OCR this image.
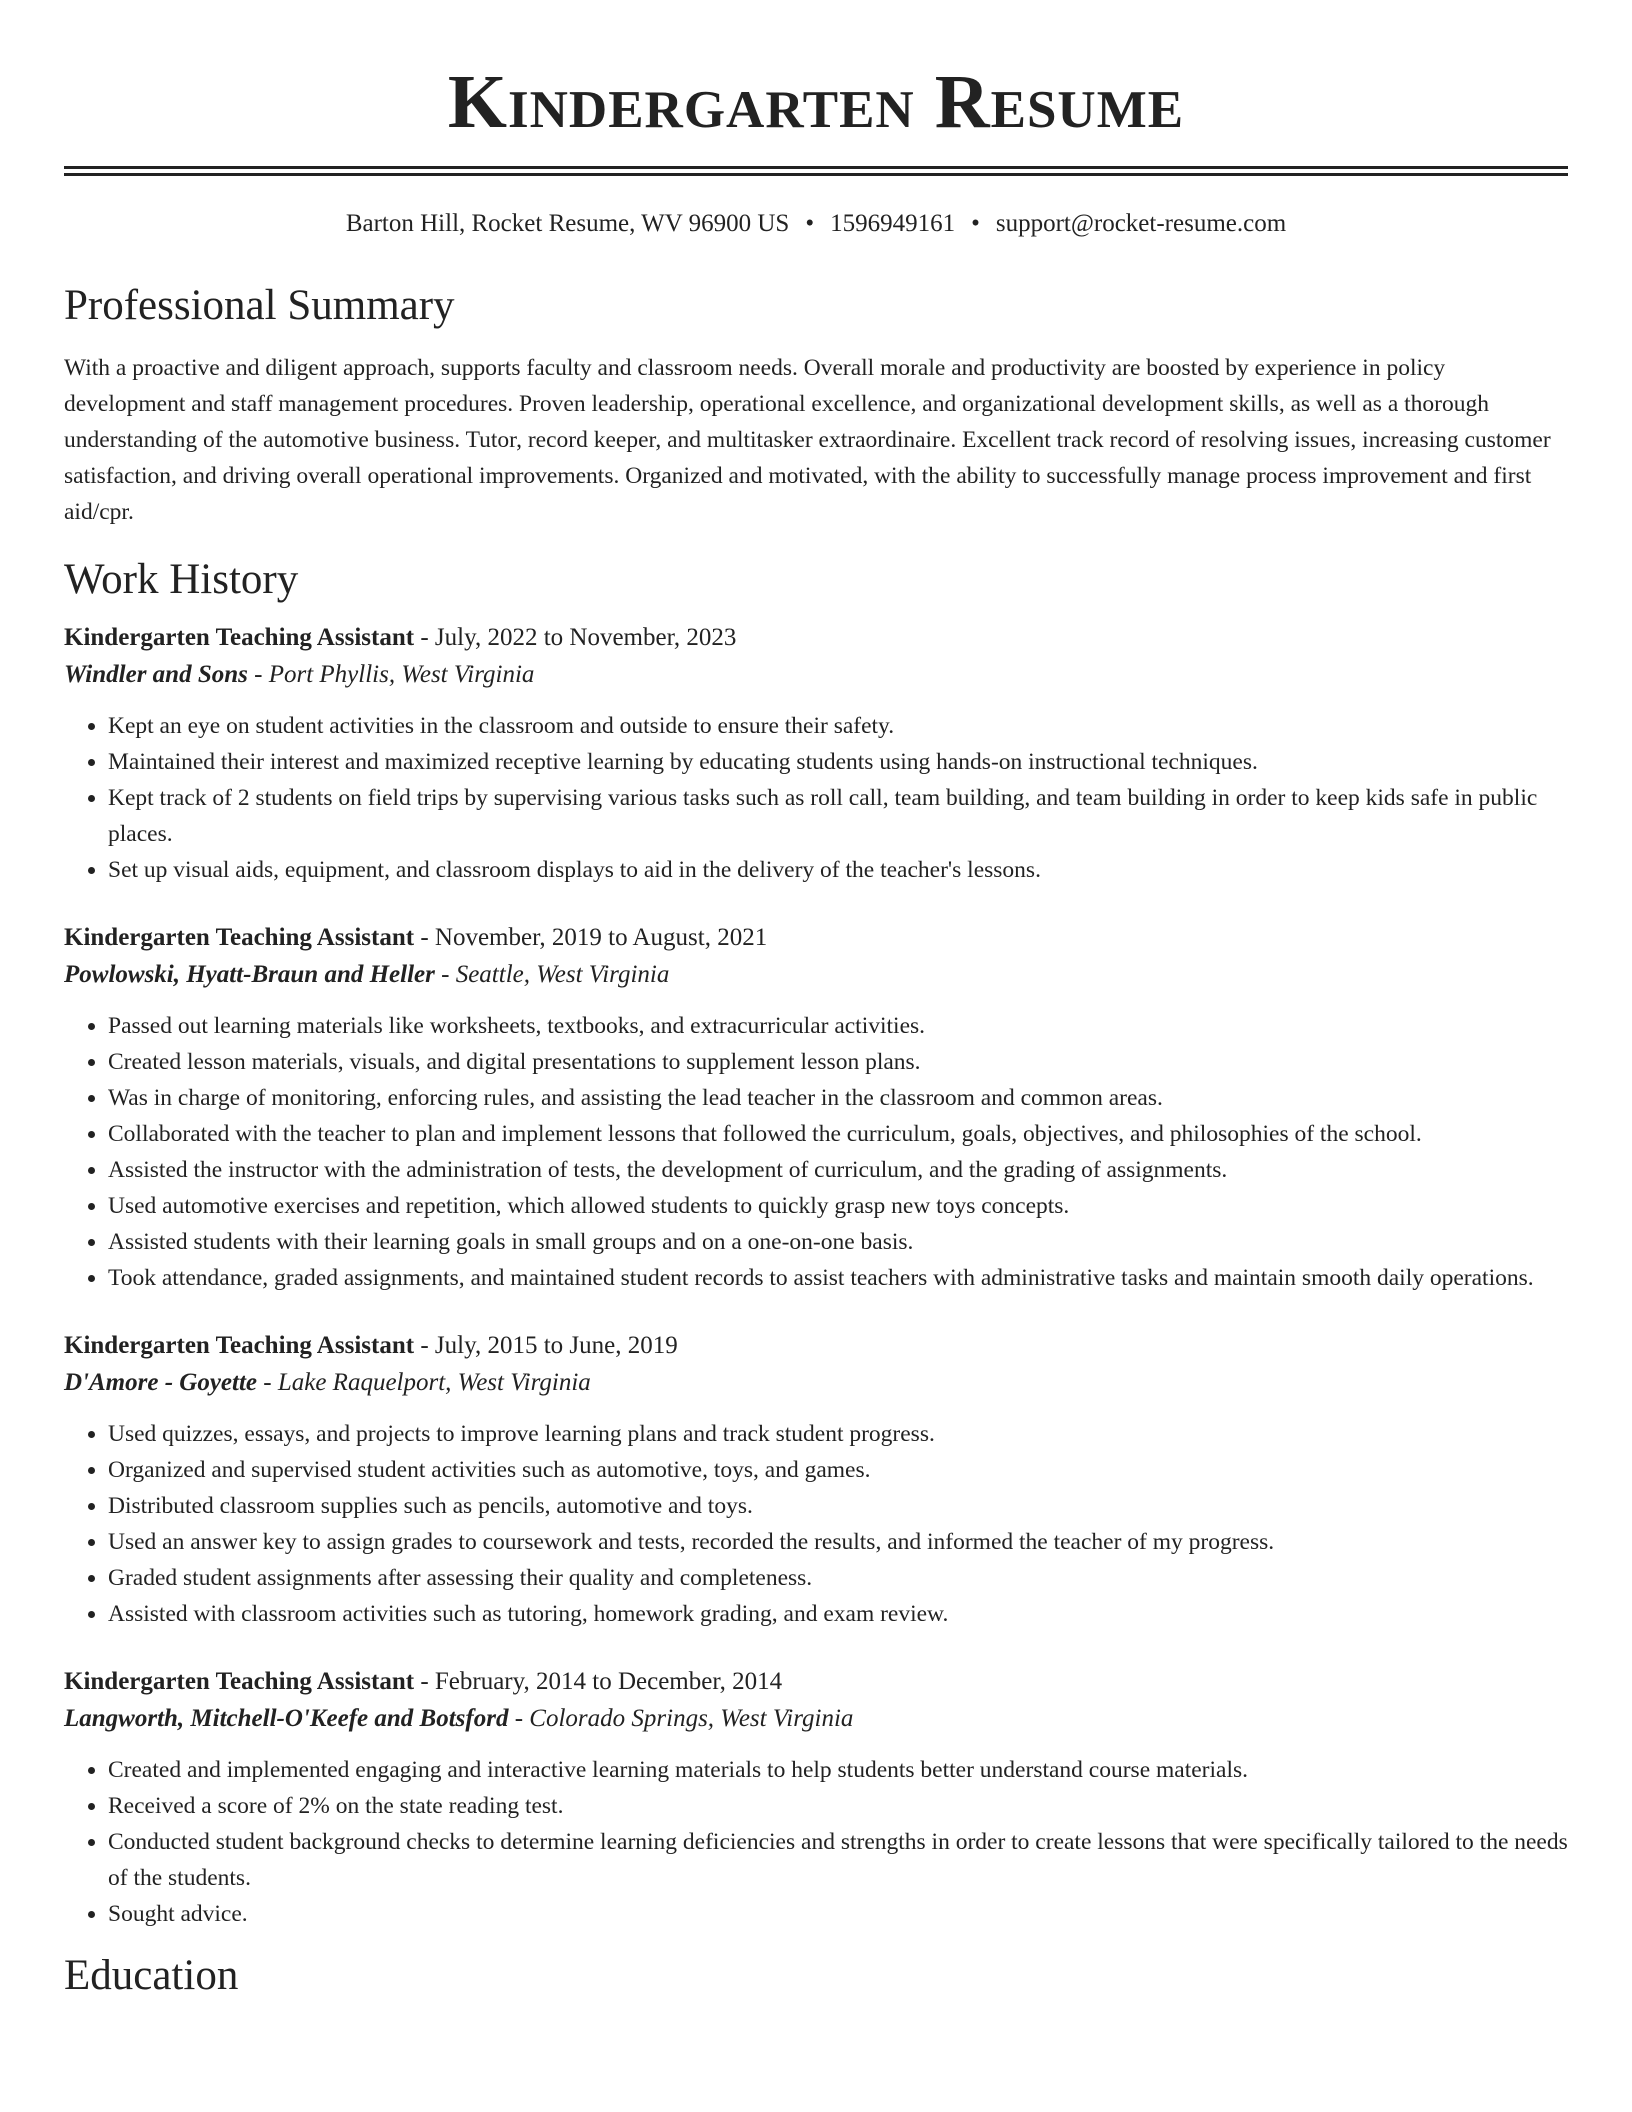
Kindergarten Resume
Barton Hill, Rocket Resume, WV 96900 US • 1596949161 • support@rocket-resume.com
Professional Summary

With a proactive and diligent approach, supports faculty and classroom needs. Overall morale and productivity are boosted by experience in policy development and staff management procedures. Proven leadership, operational excellence, and organizational development skills, as well as a thorough understanding of the automotive business. Tutor, record keeper, and multitasker extraordinaire. Excellent track record of resolving issues, increasing customer satisfaction, and driving overall operational improvements. Organized and motivated, with the ability to successfully manage process improvement and first aid/cpr.

Work History

Kindergarten Teaching Assistant - July, 2022 to November, 2023

Windler and Sons - Port Phyllis, West Virginia

• Kept an eye on student activities in the classroom and outside to ensure their safety.
• Maintained their interest and maximized receptive learning by educating students using hands-on instructional techniques.
• Kept track of 2 students on field trips by supervising various tasks such as roll call, team building, and team building in order to keep kids safe in public places.
• Set up visual aids, equipment, and classroom displays to aid in the delivery of the teacher's lessons.

Kindergarten Teaching Assistant - November, 2019 to August, 2021

Powlowski, Hyatt-Braun and Heller - Seattle, West Virginia

• Passed out learning materials like worksheets, textbooks, and extracurricular activities.
• Created lesson materials, visuals, and digital presentations to supplement lesson plans.
• Was in charge of monitoring, enforcing rules, and assisting the lead teacher in the classroom and common areas.
• Collaborated with the teacher to plan and implement lessons that followed the curriculum, goals, objectives, and philosophies of the school.
• Assisted the instructor with the administration of tests, the development of curriculum, and the grading of assignments.
• Used automotive exercises and repetition, which allowed students to quickly grasp new toys concepts.
• Assisted students with their learning goals in small groups and on a one-on-one basis.
• Took attendance, graded assignments, and maintained student records to assist teachers with administrative tasks and maintain smooth daily operations.

Kindergarten Teaching Assistant - July, 2015 to June, 2019

D'Amore - Goyette - Lake Raquelport, West Virginia

• Used quizzes, essays, and projects to improve learning plans and track student progress.
• Organized and supervised student activities such as automotive, toys, and games.
• Distributed classroom supplies such as pencils, automotive and toys.
• Used an answer key to assign grades to coursework and tests, recorded the results, and informed the teacher of my progress.
• Graded student assignments after assessing their quality and completeness.
• Assisted with classroom activities such as tutoring, homework grading, and exam review.

Kindergarten Teaching Assistant - February, 2014 to December, 2014

Langworth, Mitchell-O'Keefe and Botsford - Colorado Springs, West Virginia

• Created and implemented engaging and interactive learning materials to help students better understand course materials.
• Received a score of 2% on the state reading test.
• Conducted student background checks to determine learning deficiencies and strengths in order to create lessons that were specifically tailored to the needs of the students.
• Sought advice.
Education
